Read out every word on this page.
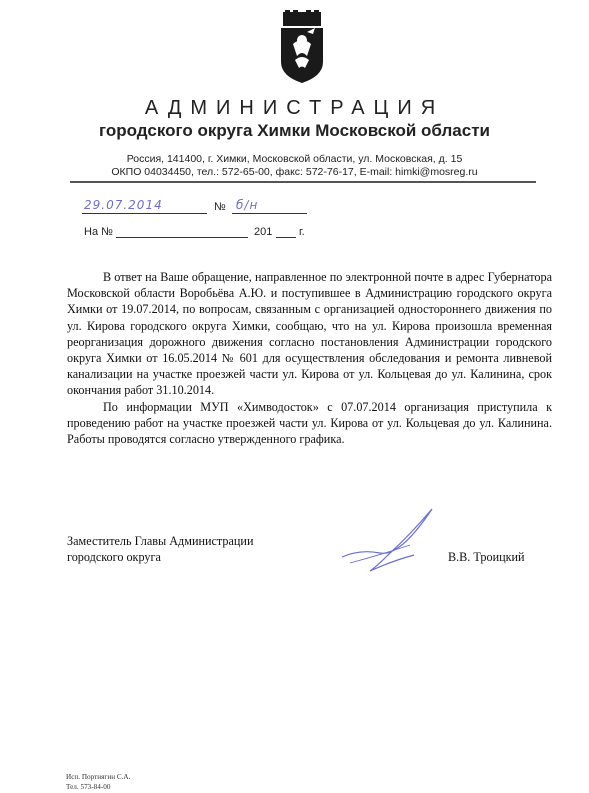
АДМИНИСТРАЦИЯ
городского округа Химки Московской области
Россия, 141400, г. Химки, Московской области, ул. Московская, д. 15
ОКПО 04034450, тел.: 572-65-00, факс: 572-76-17, E-mail: himki@mosreg.ru
29.07.2014	№ б/н
На №	201 г.

В ответ на Ваше обращение, направленное по электронной почте в адрес Губернатора Московской области Воробьёва А.Ю. и поступившее в Администрацию городского округа Химки от 19.07.2014, по вопросам, связанным с организацией одностороннего движения по ул. Кирова городского округа Химки, сообщаю, что на ул. Кирова произошла временная реорганизация дорожного движения согласно постановления Администрации городского округа Химки от 16.05.2014 № 601 для осуществления обследования и ремонта ливневой канализации на участке проезжей части ул. Кирова от ул. Кольцевая до ул. Калинина, срок окончания работ 31.10.2014.

По информации МУП «Химводосток» с 07.07.2014 организация приступила к проведению работ на участке проезжей части ул. Кирова от ул. Кольцевая до ул. Калинина. Работы проводятся согласно утвержденного графика.

Заместитель Главы Администрации
городского округа	В.В. Троицкий
Исп. Портнягин С.А.
Тел. 573-84-00
